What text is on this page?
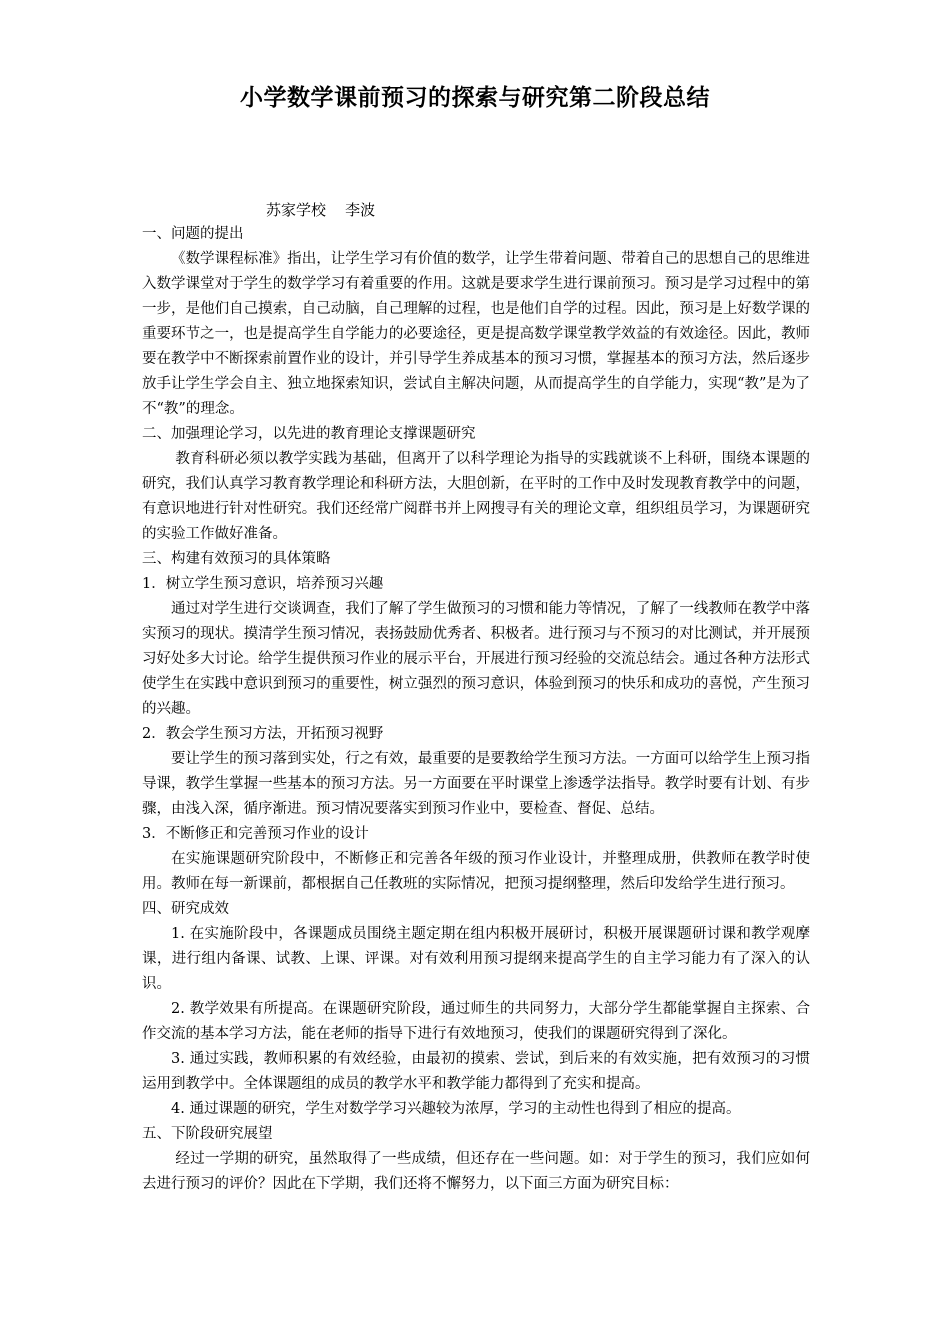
小学数学课前预习的探索与研究第二阶段总结
苏家学校    李波

一、问题的提出

《数学课程标准》指出，让学生学习有价值的数学，让学生带着问题、带着自己的思想自己的思维进入数学课堂对于学生的数学学习有着重要的作用。这就是要求学生进行课前预习。预习是学习过程中的第一步，是他们自己摸索，自己动脑，自己理解的过程，也是他们自学的过程。因此，预习是上好数学课的重要环节之一，也是提高学生自学能力的必要途径，更是提高数学课堂教学效益的有效途径。因此，教师要在教学中不断探索前置作业的设计，并引导学生养成基本的预习习惯，掌握基本的预习方法，然后逐步放手让学生学会自主、独立地探索知识，尝试自主解决问题，从而提高学生的自学能力，实现“教”是为了不“教”的理念。

二、加强理论学习，以先进的教育理论支撑课题研究

教育科研必须以教学实践为基础，但离开了以科学理论为指导的实践就谈不上科研，围绕本课题的研究，我们认真学习教育教学理论和科研方法，大胆创新，在平时的工作中及时发现教育教学中的问题，有意识地进行针对性研究。我们还经常广阅群书并上网搜寻有关的理论文章，组织组员学习，为课题研究的实验工作做好准备。

三、构建有效预习的具体策略

1．树立学生预习意识，培养预习兴趣

通过对学生进行交谈调查，我们了解了学生做预习的习惯和能力等情况，了解了一线教师在教学中落实预习的现状。摸清学生预习情况，表扬鼓励优秀者、积极者。进行预习与不预习的对比测试，并开展预习好处多大讨论。给学生提供预习作业的展示平台，开展进行预习经验的交流总结会。通过各种方法形式使学生在实践中意识到预习的重要性，树立强烈的预习意识，体验到预习的快乐和成功的喜悦，产生预习的兴趣。

2．教会学生预习方法，开拓预习视野

要让学生的预习落到实处，行之有效，最重要的是要教给学生预习方法。一方面可以给学生上预习指导课，教学生掌握一些基本的预习方法。另一方面要在平时课堂上渗透学法指导。教学时要有计划、有步骤，由浅入深，循序渐进。预习情况要落实到预习作业中，要检查、督促、总结。

3．不断修正和完善预习作业的设计

在实施课题研究阶段中，不断修正和完善各年级的预习作业设计，并整理成册，供教师在教学时使用。教师在每一新课前，都根据自己任教班的实际情况，把预习提纲整理，然后印发给学生进行预习。

四、研究成效

1. 在实施阶段中，各课题成员围绕主题定期在组内积极开展研讨，积极开展课题研讨课和教学观摩课，进行组内备课、试教、上课、评课。对有效利用预习提纲来提高学生的自主学习能力有了深入的认识。

2. 教学效果有所提高。在课题研究阶段，通过师生的共同努力，大部分学生都能掌握自主探索、合作交流的基本学习方法，能在老师的指导下进行有效地预习，使我们的课题研究得到了深化。

3. 通过实践，教师积累的有效经验，由最初的摸索、尝试，到后来的有效实施，把有效预习的习惯运用到教学中。全体课题组的成员的教学水平和教学能力都得到了充实和提高。

4. 通过课题的研究，学生对数学学习兴趣较为浓厚，学习的主动性也得到了相应的提高。

五、下阶段研究展望

经过一学期的研究，虽然取得了一些成绩，但还存在一些问题。如：对于学生的预习，我们应如何去进行预习的评价？因此在下学期，我们还将不懈努力，以下面三方面为研究目标：
